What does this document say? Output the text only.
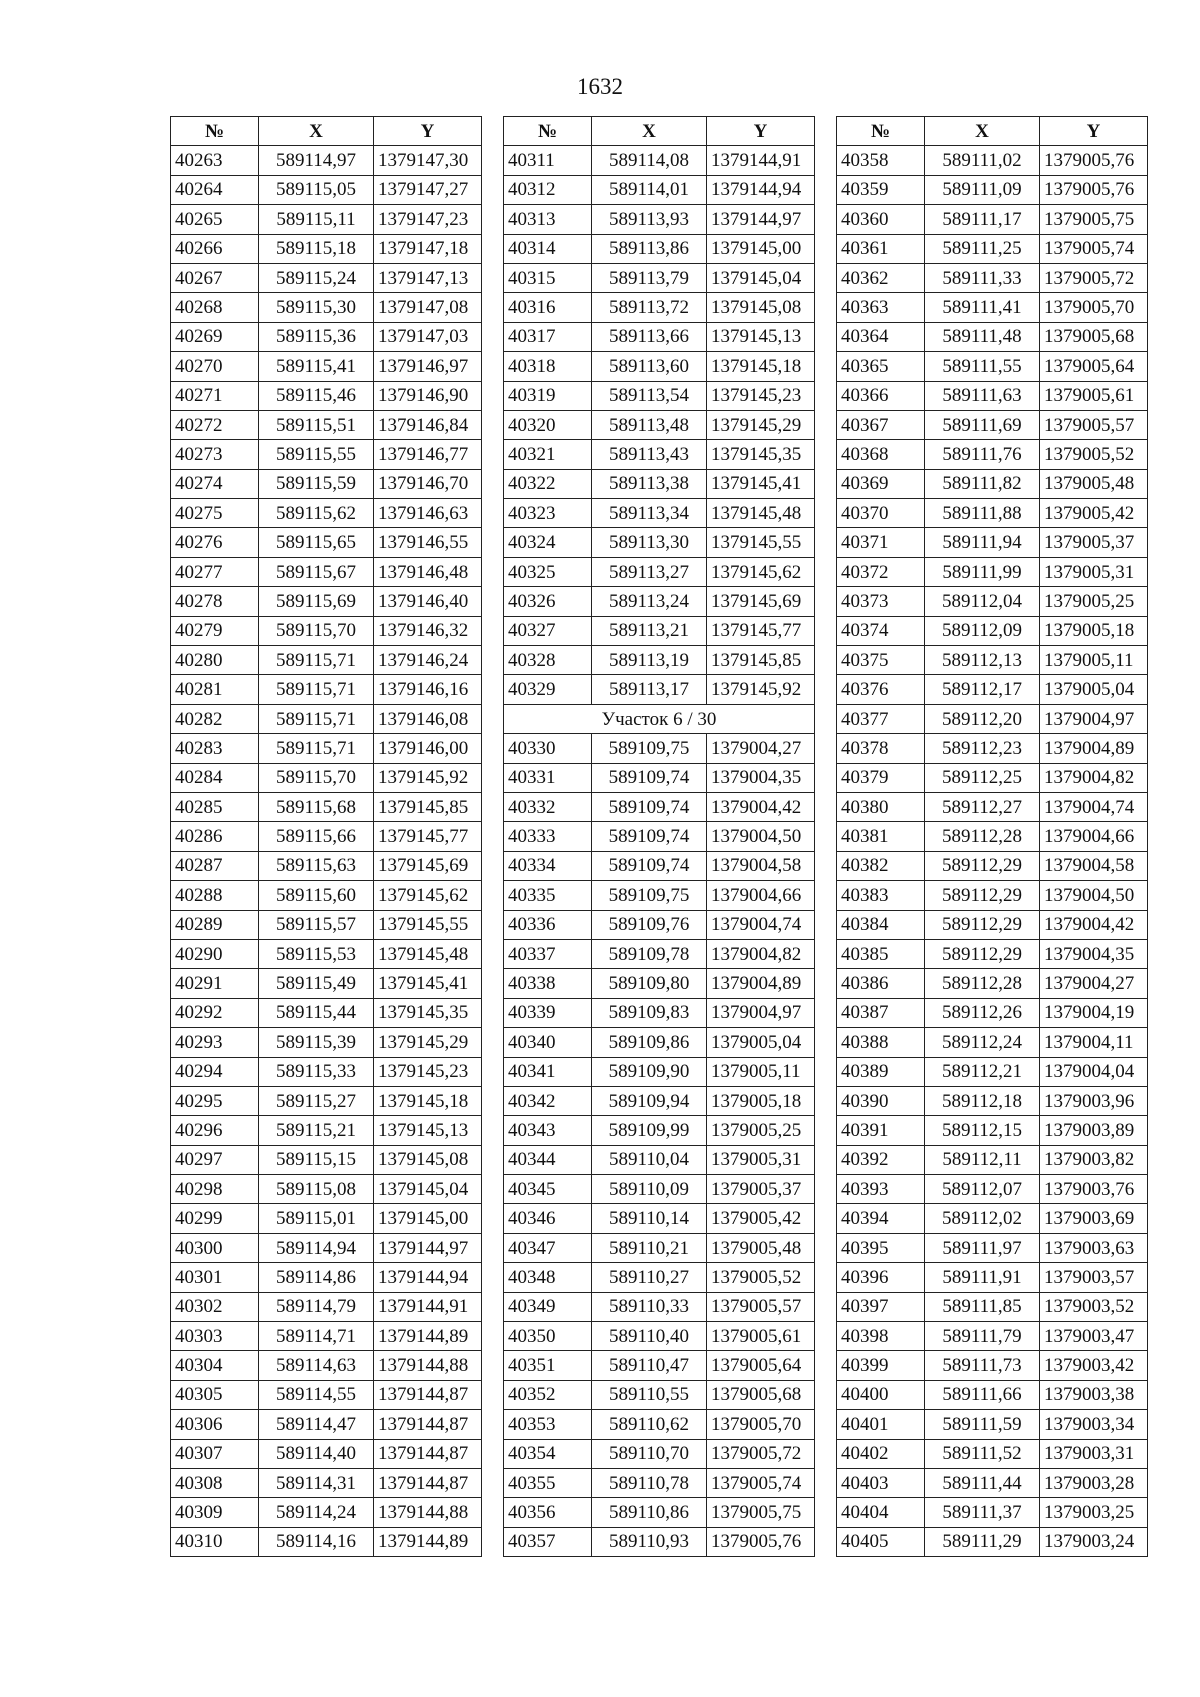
1632
№	X	Y
40263	589114,97	1379147,30
40264	589115,05	1379147,27
40265	589115,11	1379147,23
40266	589115,18	1379147,18
40267	589115,24	1379147,13
40268	589115,30	1379147,08
40269	589115,36	1379147,03
40270	589115,41	1379146,97
40271	589115,46	1379146,90
40272	589115,51	1379146,84
40273	589115,55	1379146,77
40274	589115,59	1379146,70
40275	589115,62	1379146,63
40276	589115,65	1379146,55
40277	589115,67	1379146,48
40278	589115,69	1379146,40
40279	589115,70	1379146,32
40280	589115,71	1379146,24
40281	589115,71	1379146,16
40282	589115,71	1379146,08
40283	589115,71	1379146,00
40284	589115,70	1379145,92
40285	589115,68	1379145,85
40286	589115,66	1379145,77
40287	589115,63	1379145,69
40288	589115,60	1379145,62
40289	589115,57	1379145,55
40290	589115,53	1379145,48
40291	589115,49	1379145,41
40292	589115,44	1379145,35
40293	589115,39	1379145,29
40294	589115,33	1379145,23
40295	589115,27	1379145,18
40296	589115,21	1379145,13
40297	589115,15	1379145,08
40298	589115,08	1379145,04
40299	589115,01	1379145,00
40300	589114,94	1379144,97
40301	589114,86	1379144,94
40302	589114,79	1379144,91
40303	589114,71	1379144,89
40304	589114,63	1379144,88
40305	589114,55	1379144,87
40306	589114,47	1379144,87
40307	589114,40	1379144,87
40308	589114,31	1379144,87
40309	589114,24	1379144,88
40310	589114,16	1379144,89
№	X	Y
40311	589114,08	1379144,91
40312	589114,01	1379144,94
40313	589113,93	1379144,97
40314	589113,86	1379145,00
40315	589113,79	1379145,04
40316	589113,72	1379145,08
40317	589113,66	1379145,13
40318	589113,60	1379145,18
40319	589113,54	1379145,23
40320	589113,48	1379145,29
40321	589113,43	1379145,35
40322	589113,38	1379145,41
40323	589113,34	1379145,48
40324	589113,30	1379145,55
40325	589113,27	1379145,62
40326	589113,24	1379145,69
40327	589113,21	1379145,77
40328	589113,19	1379145,85
40329	589113,17	1379145,92
Участок 6 / 30		
40330	589109,75	1379004,27
40331	589109,74	1379004,35
40332	589109,74	1379004,42
40333	589109,74	1379004,50
40334	589109,74	1379004,58
40335	589109,75	1379004,66
40336	589109,76	1379004,74
40337	589109,78	1379004,82
40338	589109,80	1379004,89
40339	589109,83	1379004,97
40340	589109,86	1379005,04
40341	589109,90	1379005,11
40342	589109,94	1379005,18
40343	589109,99	1379005,25
40344	589110,04	1379005,31
40345	589110,09	1379005,37
40346	589110,14	1379005,42
40347	589110,21	1379005,48
40348	589110,27	1379005,52
40349	589110,33	1379005,57
40350	589110,40	1379005,61
40351	589110,47	1379005,64
40352	589110,55	1379005,68
40353	589110,62	1379005,70
40354	589110,70	1379005,72
40355	589110,78	1379005,74
40356	589110,86	1379005,75
40357	589110,93	1379005,76
№	X	Y
40358	589111,02	1379005,76
40359	589111,09	1379005,76
40360	589111,17	1379005,75
40361	589111,25	1379005,74
40362	589111,33	1379005,72
40363	589111,41	1379005,70
40364	589111,48	1379005,68
40365	589111,55	1379005,64
40366	589111,63	1379005,61
40367	589111,69	1379005,57
40368	589111,76	1379005,52
40369	589111,82	1379005,48
40370	589111,88	1379005,42
40371	589111,94	1379005,37
40372	589111,99	1379005,31
40373	589112,04	1379005,25
40374	589112,09	1379005,18
40375	589112,13	1379005,11
40376	589112,17	1379005,04
40377	589112,20	1379004,97
40378	589112,23	1379004,89
40379	589112,25	1379004,82
40380	589112,27	1379004,74
40381	589112,28	1379004,66
40382	589112,29	1379004,58
40383	589112,29	1379004,50
40384	589112,29	1379004,42
40385	589112,29	1379004,35
40386	589112,28	1379004,27
40387	589112,26	1379004,19
40388	589112,24	1379004,11
40389	589112,21	1379004,04
40390	589112,18	1379003,96
40391	589112,15	1379003,89
40392	589112,11	1379003,82
40393	589112,07	1379003,76
40394	589112,02	1379003,69
40395	589111,97	1379003,63
40396	589111,91	1379003,57
40397	589111,85	1379003,52
40398	589111,79	1379003,47
40399	589111,73	1379003,42
40400	589111,66	1379003,38
40401	589111,59	1379003,34
40402	589111,52	1379003,31
40403	589111,44	1379003,28
40404	589111,37	1379003,25
40405	589111,29	1379003,24
